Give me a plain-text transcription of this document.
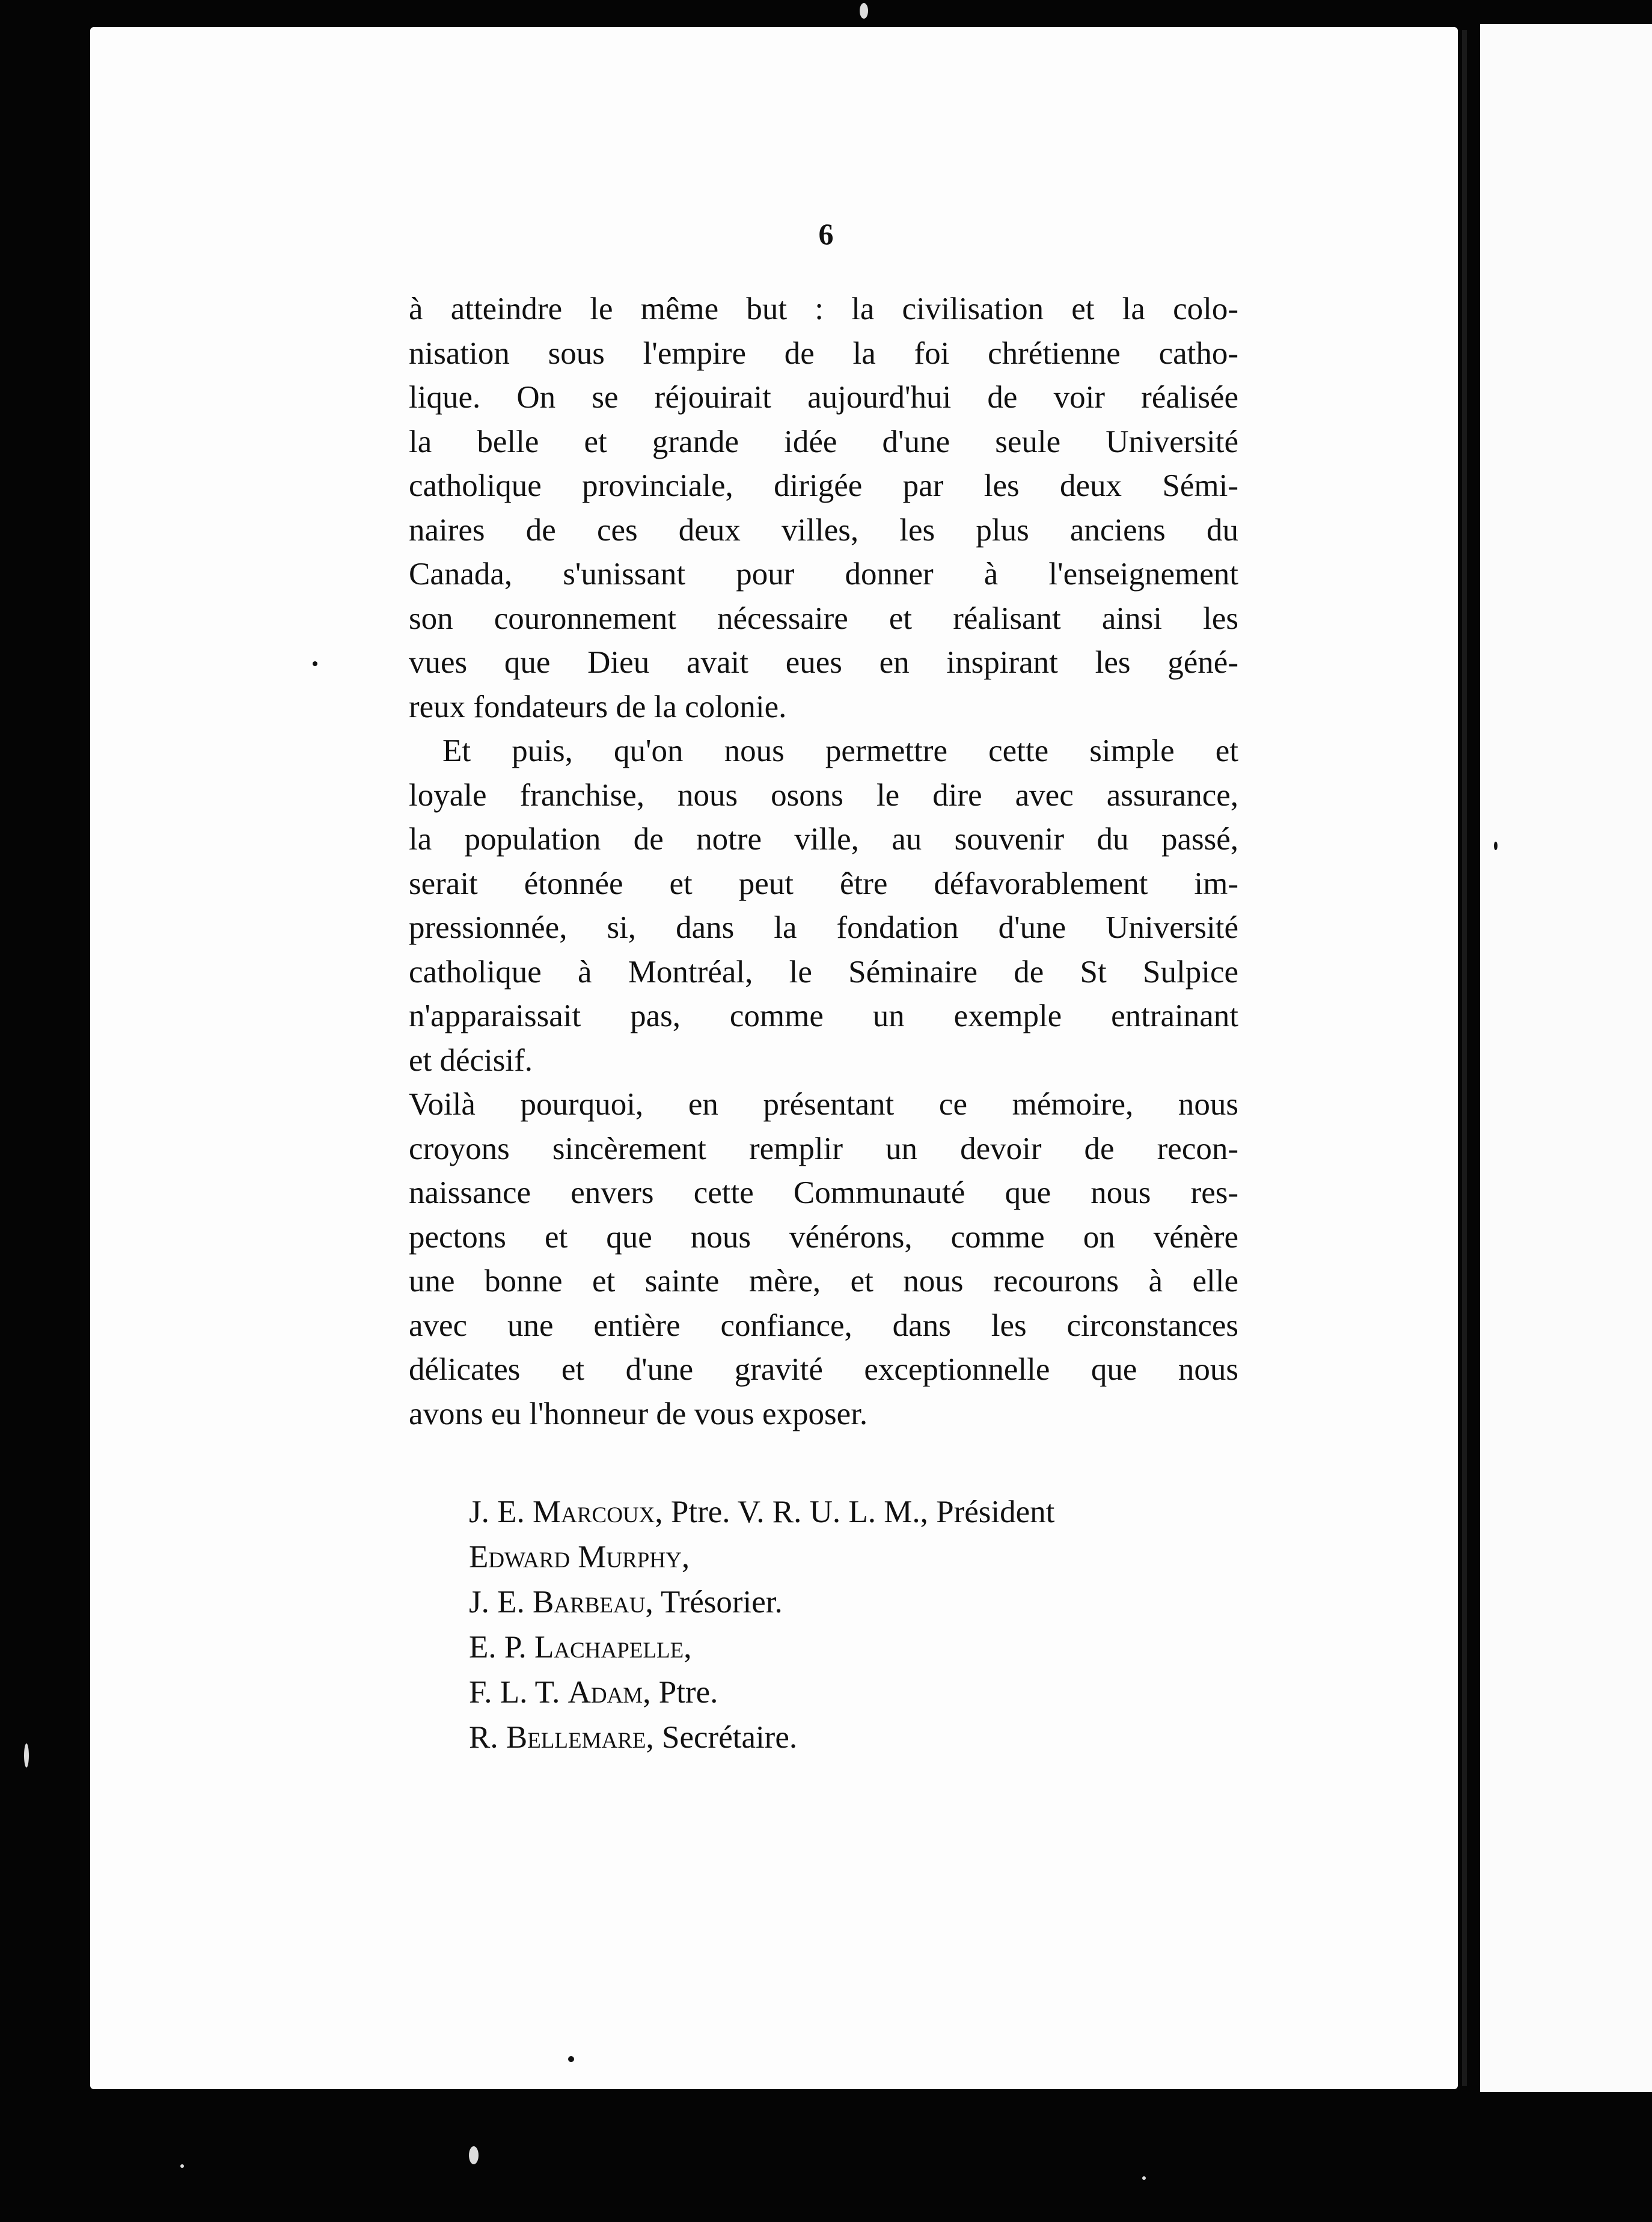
6
à atteindre le même but : la civilisation et la colo-
nisation sous l'empire de la foi chrétienne catho-
lique. On se réjouirait aujourd'hui de voir réalisée
la belle et grande idée d'une seule Université
catholique provinciale, dirigée par les deux Sémi-
naires de ces deux villes, les plus anciens du
Canada, s'unissant pour donner à l'enseignement
son couronnement nécessaire et réalisant ainsi les
vues que Dieu avait eues en inspirant les géné-
reux fondateurs de la colonie.
Et puis, qu'on nous permettre cette simple et
loyale franchise, nous osons le dire avec assurance,
la population de notre ville, au souvenir du passé,
serait étonnée et peut être défavorablement im-
pressionnée, si, dans la fondation d'une Université
catholique à Montréal, le Séminaire de St Sulpice
n'apparaissait pas, comme un exemple entrainant
et décisif.
Voilà pourquoi, en présentant ce mémoire, nous
croyons sincèrement remplir un devoir de recon-
naissance envers cette Communauté que nous res-
pectons et que nous vénérons, comme on vénère
une bonne et sainte mère, et nous recourons à elle
avec une entière confiance, dans les circonstances
délicates et d'une gravité exceptionnelle que nous
avons eu l'honneur de vous exposer.
J. E. Marcoux, Ptre. V. R. U. L. M., Président
Edward Murphy,
J. E. Barbeau, Trésorier.
E. P. Lachapelle,
F. L. T. Adam, Ptre.
R. Bellemare, Secrétaire.
